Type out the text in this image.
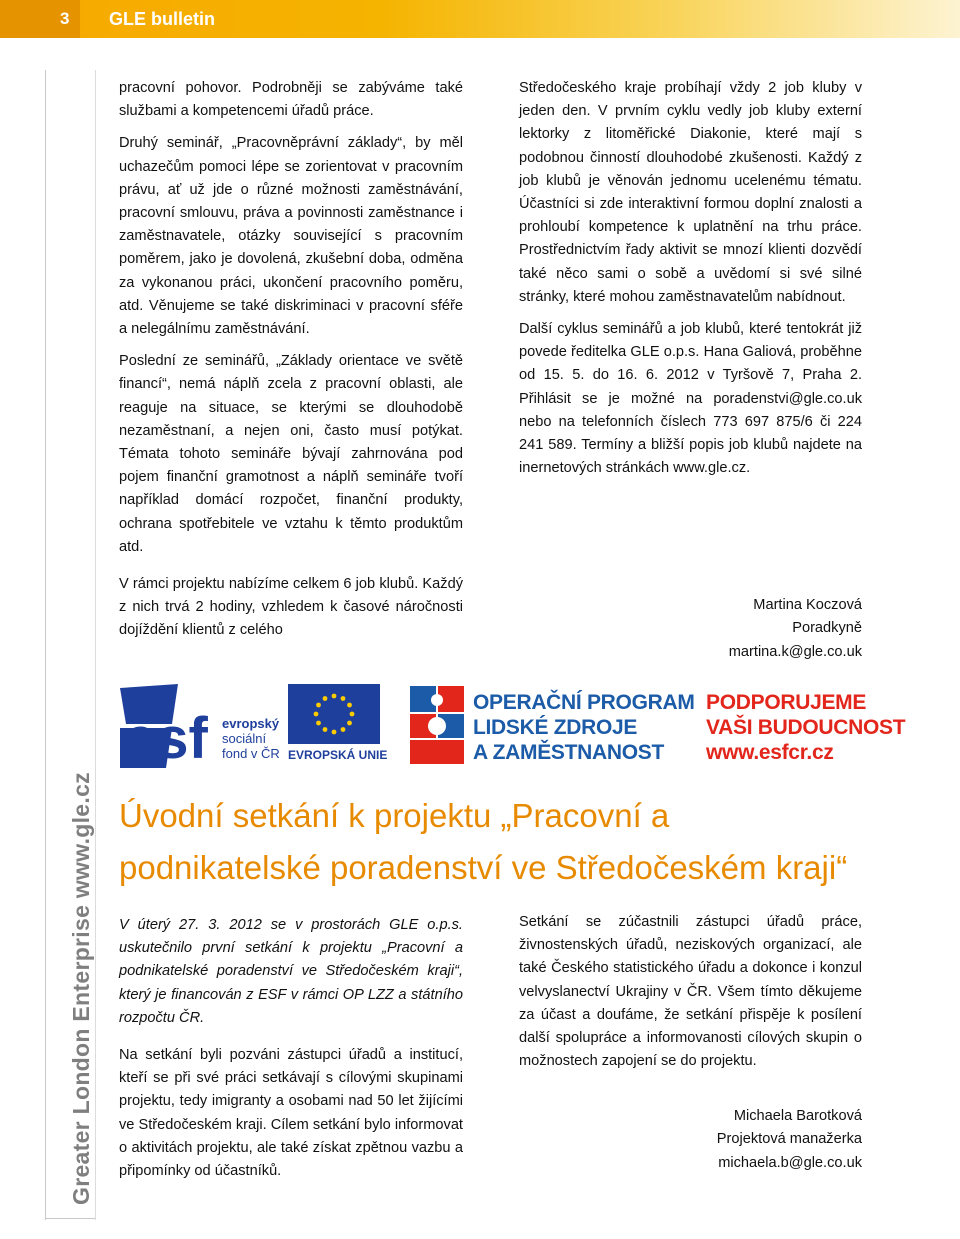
3 GLE bulletin
Greater London Enterprise www.gle.cz

pracovní pohovor. Podrobněji se zabýváme také službami a kompetencemi úřadů práce.

Druhý seminář, „Pracovněprávní základy“, by měl uchazečům pomoci lépe se zorientovat v pracovním právu, ať už jde o různé možnosti zaměstnávání, pracovní smlouvu, práva a povinnosti zaměstnance i zaměstnavatele, otázky související s pracovním poměrem, jako je dovolená, zkušební doba, odměna za vykonanou práci, ukončení pracovního poměru, atd. Věnujeme se také diskriminaci v pracovní sféře a nelegálnímu zaměstnávání.

Poslední ze seminářů, „Základy orientace ve světě financí“, nemá náplň zcela z pracovní oblasti, ale reaguje na situace, se kterými se dlouhodobě nezaměstnaní, a nejen oni, často musí potýkat. Témata tohoto semináře bývají zahrnována pod pojem finanční gramotnost a náplň semináře tvoří například domácí rozpočet, finanční produkty, ochrana spotřebitele ve vztahu k těmto produktům atd.

V rámci projektu nabízíme celkem 6 job klubů. Každý z nich trvá 2 hodiny, vzhledem k časové náročnosti dojíždění klientů z celého

Středočeského kraje probíhají vždy 2 job kluby v jeden den. V prvním cyklu vedly job kluby externí lektorky z litoměřické Diakonie, které mají s podobnou činností dlouhodobé zkušenosti. Každý z job klubů je věnován jednomu ucelenému tématu. Účastníci si zde interaktivní formou doplní znalosti a prohloubí kompetence k uplatnění na trhu práce. Prostřednictvím řady aktivit se mnozí klienti dozvědí také něco sami o sobě a uvědomí si své silné stránky, které mohou zaměstnavatelům nabídnout.

Další cyklus seminářů a job klubů, které tentokrát již povede ředitelka GLE o.p.s. Hana Galiová, proběhne od 15. 5. do 16. 6. 2012 v Tyršově 7, Praha 2. Přihlásit se je možné na poradenstvi@gle.co.uk nebo na telefonních číslech 773 697 875/6 či 224 241 589. Termíny a bližší popis job klubů najdete na inernetových stránkách www.gle.cz.

Martina Koczová
Poradkyně
martina.k@gle.co.uk
esf evropský
sociální
fond v ČR EVROPSKÁ UNIE
OPERAČNÍ PROGRAM
LIDSKÉ ZDROJE
A ZAMĚSTNANOST
PODPORUJEME
VAŠI BUDOUCNOST
www.esfcr.cz
Úvodní setkání k projektu „Pracovní a podnikatelské poradenství ve Středočeském kraji“

V úterý 27. 3. 2012 se v prostorách GLE o.p.s. uskutečnilo první setkání k projektu „Pracovní a podnikatelské poradenství ve Středočeském kraji“, který je financován z ESF v rámci OP LZZ a státního rozpočtu ČR.

Na setkání byli pozváni zástupci úřadů a institucí, kteří se při své práci setkávají s cílovými skupinami projektu, tedy imigranty a osobami nad 50 let žijícími ve Středočeském kraji. Cílem setkání bylo informovat o aktivitách projektu, ale také získat zpětnou vazbu a připomínky od účastníků.

Setkání se zúčastnili zástupci úřadů práce, živnostenských úřadů, neziskových organizací, ale také Českého statistického úřadu a dokonce i konzul velvyslanectví Ukrajiny v ČR. Všem tímto děkujeme za účast a doufáme, že setkání přispěje k posílení další spolupráce a informovanosti cílových skupin o možnostech zapojení se do projektu.

Michaela Barotková
Projektová manažerka
michaela.b@gle.co.uk
